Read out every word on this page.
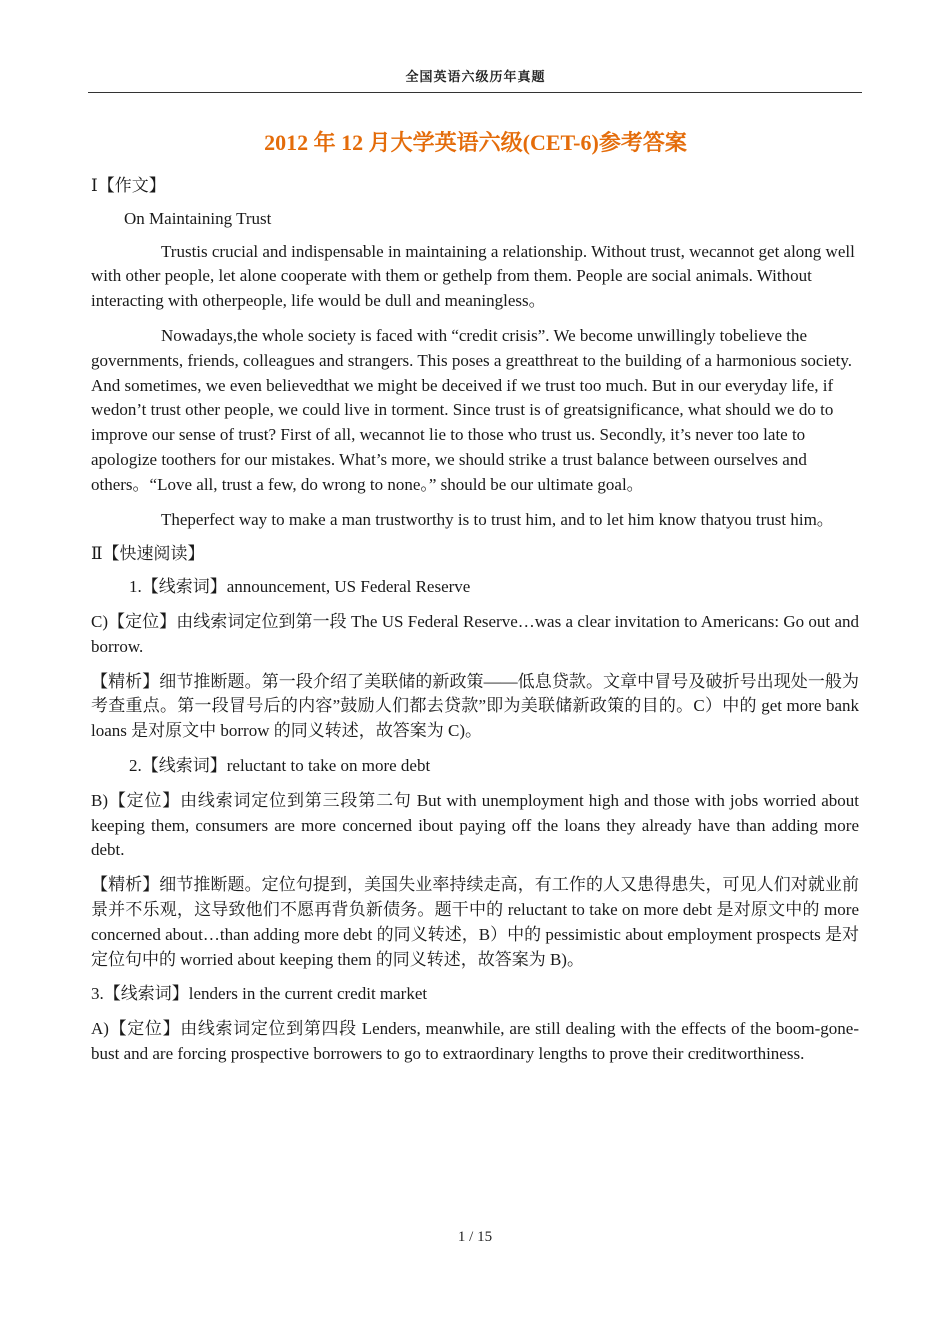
全国英语六级历年真题
2012 年 12 月大学英语六级(CET-6)参考答案

Ⅰ【作文】

On Maintaining Trust

Trustis crucial and indispensable in maintaining a relationship. Without trust, wecannot get along well with other people, let alone cooperate with them or gethelp from them. People are social animals. Without interacting with otherpeople, life would be dull and meaningless。

Nowadays,the whole society is faced with “credit crisis”. We become unwillingly tobelieve the governments, friends, colleagues and strangers. This poses a greatthreat to the building of a harmonious society. And sometimes, we even believedthat we might be deceived if we trust too much. But in our everyday life, if wedon’t trust other people, we could live in torment. Since trust is of greatsignificance, what should we do to improve our sense of trust? First of all, wecannot lie to those who trust us. Secondly, it’s never too late to apologize toothers for our mistakes. What’s more, we should strike a trust balance between ourselves and others。“Love all, trust a few, do wrong to none。” should be our ultimate goal。

Theperfect way to make a man trustworthy is to trust him, and to let him know thatyou trust him。

Ⅱ【快速阅读】

1.【线索词】announcement, US Federal Reserve

C)【定位】由线索词定位到第一段 The US Federal Reserve…was a clear invitation to Americans: Go out and borrow.

【精析】细节推断题。第一段介绍了美联储的新政策——低息贷款。文章中冒号及破折号出现处一般为考查重点。第一段冒号后的内容”鼓励人们都去贷款”即为美联储新政策的目的。C）中的 get more bank loans 是对原文中 borrow 的同义转述，故答案为 C)。

2.【线索词】reluctant to take on more debt

B)【定位】由线索词定位到第三段第二句 But with unemployment high and those with jobs worried about keeping them, consumers are more concerned ibout paying off the loans they already have than adding more debt.

【精析】细节推断题。定位句提到，美国失业率持续走高，有工作的人又患得患失，可见人们对就业前景并不乐观，这导致他们不愿再背负新债务。题干中的 reluctant to take on more debt 是对原文中的 more concerned about…than adding more debt 的同义转述，B）中的 pessimistic about employment prospects 是对定位句中的 worried about keeping them 的同义转述，故答案为 B)。

3.【线索词】lenders in the current credit market

A)【定位】由线索词定位到第四段 Lenders, meanwhile, are still dealing with the effects of the boom-gone- bust and are forcing prospective borrowers to go to extraordinary lengths to prove their creditworthiness.

1 / 15
